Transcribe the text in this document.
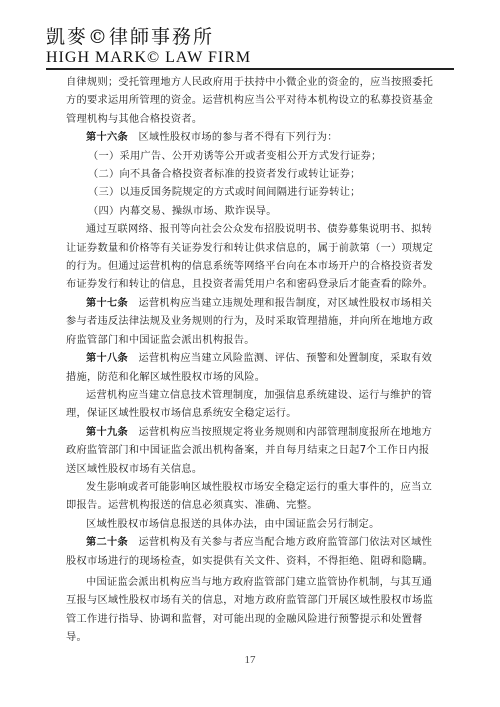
凱麥©律師事務所
HIGH MARK© LAW FIRM

自律规则；受托管理地方人民政府用于扶持中小微企业的资金的，应当按照委托方的要求运用所管理的资金。运营机构应当公平对待本机构设立的私募投资基金管理机构与其他合格投资者。

第十六条　 区域性股权市场的参与者不得有下列行为：

（一）采用广告、公开劝诱等公开或者变相公开方式发行证券；

（二）向不具备合格投资者标准的投资者发行或转让证券；

（三）以违反国务院规定的方式或时间间隔进行证券转让；

（四）内幕交易、操纵市场、欺诈误导。

通过互联网络、报刊等向社会公众发布招股说明书、债券募集说明书、拟转让证券数量和价格等有关证券发行和转让供求信息的，属于前款第（一）项规定的行为。但通过运营机构的信息系统等网络平台向在本市场开户的合格投资者发布证券发行和转让的信息，且投资者需凭用户名和密码登录后才能查看的除外。

第十七条　 运营机构应当建立违规处理和报告制度，对区域性股权市场相关参与者违反法律法规及业务规则的行为，及时采取管理措施，并向所在地地方政府监管部门和中国证监会派出机构报告。

第十八条　 运营机构应当建立风险监测、评估、预警和处置制度，采取有效措施，防范和化解区域性股权市场的风险。

运营机构应当建立信息技术管理制度，加强信息系统建设、运行与维护的管理，保证区域性股权市场信息系统安全稳定运行。

第十九条　 运营机构应当按照规定将业务规则和内部管理制度报所在地地方政府监管部门和中国证监会派出机构备案，并自每月结束之日起7个工作日内报送区域性股权市场有关信息。

发生影响或者可能影响区域性股权市场安全稳定运行的重大事件的，应当立即报告。运营机构报送的信息必须真实、准确、完整。

区域性股权市场信息报送的具体办法，由中国证监会另行制定。

第二十条　 运营机构及有关参与者应当配合地方政府监管部门依法对区域性股权市场进行的现场检查，如实提供有关文件、资料，不得拒绝、阻碍和隐瞒。

中国证监会派出机构应当与地方政府监管部门建立监管协作机制，与其互通互报与区域性股权市场有关的信息，对地方政府监管部门开展区域性股权市场监管工作进行指导、协调和监督，对可能出现的金融风险进行预警提示和处置督导。

17
